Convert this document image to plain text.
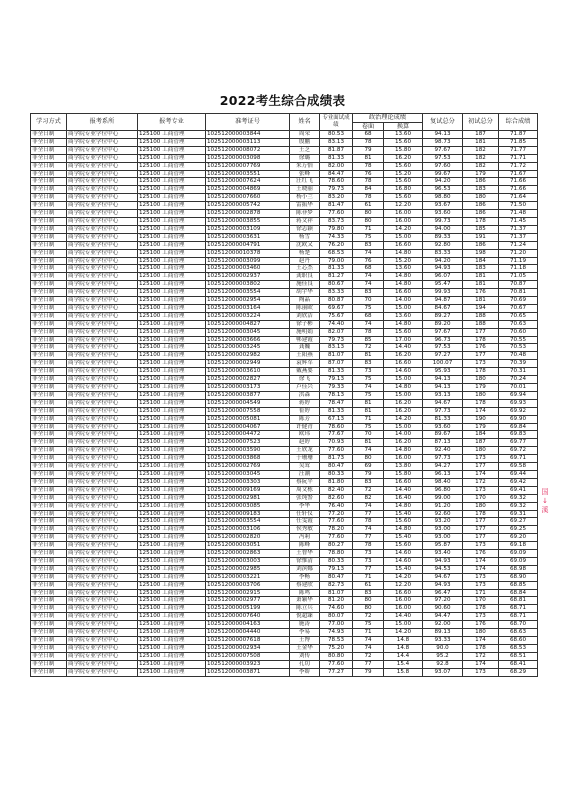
2022考生综合成绩表
学习方式	报考系所	报考专业	准考证号	姓名	专业面试成绩	政治理论成绩		复试总分	初试总分	综合成绩
						卷面	换算			
非全日制	商学院专业学位中心	125100 工商管理	102512000003844	周荣	80.53	68	13.60	94.13	187	71.87
非全日制	商学院专业学位中心	125100 工商管理	102512000003113	殷鹏	83.13	78	15.60	98.73	181	71.85
非全日制	商学院专业学位中心	125100 工商管理	102512000008072	王芝	81.87	79	15.80	97.67	182	71.77
非全日制	商学院专业学位中心	125100 工商管理	102512000003098	徐璐	81.33	81	16.20	97.53	182	71.71
非全日制	商学院专业学位中心	125100 工商管理	102512000007769	朱万怡	82.00	78	15.60	97.60	182	71.72
非全日制	商学院专业学位中心	125100 工商管理	102512000003551	张峰	84.47	76	15.20	99.67	179	71.67
非全日制	商学院专业学位中心	125100 工商管理	102512000007624	汪红飞	78.60	78	15.60	94.20	186	71.66
非全日制	商学院专业学位中心	125100 工商管理	102512000004869	王晓丽	79.73	84	16.80	96.53	183	71.66
非全日制	商学院专业学位中心	125100 工商管理	102512000007660	杨小兰	83.20	78	15.60	98.80	180	71.64
非全日制	商学院专业学位中心	125100 工商管理	102512000005742	雷振华	81.47	61	12.20	93.67	186	71.50
非全日制	商学院专业学位中心	125100 工商管理	102512000002878	陈菲梦	77.60	80	16.00	93.60	186	71.48
非全日制	商学院专业学位中心	125100 工商管理	102512000003855	蒋文祥	83.73	80	16.00	99.73	178	71.45
非全日制	商学院专业学位中心	125100 工商管理	102512000003109	徐志颖	79.80	71	14.20	94.00	185	71.37
非全日制	商学院专业学位中心	125100 工商管理	102512000003631	杨雪	74.33	75	15.00	89.33	191	71.37
非全日制	商学院专业学位中心	125100 工商管理	102512000004791	沈欧又	76.20	83	16.60	92.80	186	71.24
非全日制	商学院专业学位中心	125100 工商管理	102512000010378	杨楚	68.53	74	14.80	83.33	198	71.20
非全日制	商学院专业学位中心	125100 工商管理	102512000003099	赵丹	79.00	76	15.20	94.20	184	71.19
非全日制	商学院专业学位中心	125100 工商管理	102512000003460	王芯杰	81.33	68	13.60	94.93	183	71.18
非全日制	商学院专业学位中心	125100 工商管理	102512000002937	龚职良	81.27	74	14.80	96.07	181	71.05
非全日制	商学院专业学位中心	125100 工商管理	102512000003802	施佳良	80.67	74	14.80	95.47	181	70.87
非全日制	商学院专业学位中心	125100 工商管理	102512000003554	胡宇华	83.33	83	16.60	99.93	176	70.81
非全日制	商学院专业学位中心	125100 工商管理	102512000002954	陶晶	80.87	70	14.00	94.87	181	70.69
非全日制	商学院专业学位中心	125100 工商管理	102512000003164	陈丽欧	69.67	75	15.00	84.67	194	70.67
非全日制	商学院专业学位中心	125100 工商管理	102512000003224	刘欣洁	75.67	68	13.60	89.27	188	70.65
非全日制	商学院专业学位中心	125100 工商管理	102512000004827	徐子彬	74.40	74	14.80	89.20	188	70.63
非全日制	商学院专业学位中心	125100 工商管理	102512000003045	施明娟	82.07	78	15.60	97.67	177	70.60
非全日制	商学院专业学位中心	125100 工商管理	102512000003666	郸建霞	79.73	85	17.00	96.73	178	70.55
非全日制	商学院专业学位中心	125100 工商管理	102512000003245	龚巍	83.13	72	14.40	97.53	176	70.53
非全日制	商学院专业学位中心	125100 工商管理	102512000002982	王阳燕	81.07	81	16.20	97.27	177	70.48
非全日制	商学院专业学位中心	125100 工商管理	102512000002949	袁辉军	87.07	83	16.60	100.07	173	70.39
非全日制	商学院专业学位中心	125100 工商管理	102512000003610	戴燕要	81.33	73	14.60	95.93	178	70.31
非全日制	商学院专业学位中心	125100 工商管理	102512000002827	徐飞	79.13	75	15.00	94.13	180	70.24
非全日制	商学院专业学位中心	125100 工商管理	102512000003173	卢佳兴	79.33	74	14.80	94.13	179	70.01
非全日制	商学院专业学位中心	125100 工商管理	102512000003877	洪森	78.13	75	15.00	93.13	180	69.94
非全日制	商学院专业学位中心	125100 工商管理	102512000004549	蒋婷	78.47	81	16.20	94.67	178	69.93
非全日制	商学院专业学位中心	125100 工商管理	102512000007558	崔婷	81.33	81	16.20	97.73	174	69.92
非全日制	商学院专业学位中心	125100 工商管理	102512000005081	陈芳	67.13	71	14.20	81.33	190	69.90
非全日制	商学院专业学位中心	125100 工商管理	102512000004067	许健青	78.60	75	15.00	93.60	179	69.84
非全日制	商学院专业学位中心	125100 工商管理	102512000004472	欧玮	77.67	70	14.00	89.67	184	69.83
非全日制	商学院专业学位中心	125100 工商管理	102512000007523	赵婷	70.93	81	16.20	87.13	187	69.77
非全日制	商学院专业学位中心	125100 工商管理	102512000003590	王欣龙	77.60	74	14.80	92.40	180	69.72
非全日制	商学院专业学位中心	125100 工商管理	102512000003868	于珊珊	81.73	80	16.00	97.73	173	69.71
非全日制	商学院专业学位中心	125100 工商管理	102512000002769	吴耸	80.47	69	13.80	94.27	177	69.58
非全日制	商学院专业学位中心	125100 工商管理	102512000003045	汪潮	80.33	79	15.80	96.13	174	69.44
非全日制	商学院专业学位中心	125100 工商管理	102512000003303	蔡阮平	81.80	83	16.60	98.40	172	69.42
非全日制	商学院专业学位中心	125100 工商管理	102512000009169	周文栋	82.40	72	14.40	96.80	173	69.41
非全日制	商学院专业学位中心	125100 工商管理	102512000002981	张纯警	82.60	82	16.40	99.00	170	69.32
非全日制	商学院专业学位中心	125100 工商管理	102512000003085	李华	76.40	74	14.80	91.20	180	69.32
非全日制	商学院专业学位中心	125100 工商管理	102512000009183	任轩仪	77.20	77	15.40	92.60	178	69.31
非全日制	商学院专业学位中心	125100 工商管理	102512000003554	任雯霞	77.60	78	15.60	93.20	177	69.27
非全日制	商学院专业学位中心	125100 工商管理	102512000003106	侯秀敏	78.20	74	14.80	93.00	177	69.25
非全日制	商学院专业学位中心	125100 工商管理	102512000002820	冯莉	77.60	77	15.40	93.00	177	69.20
非全日制	商学院专业学位中心	125100 工商管理	102512000003051	陈峰	80.27	78	15.60	95.87	173	69.18
非全日制	商学院专业学位中心	125100 工商管理	102512000002863	王智华	78.80	73	14.60	93.40	176	69.09
非全日制	商学院专业学位中心	125100 工商管理	102512000003003	徐惟清	80.33	73	14.60	94.93	174	69.09
非全日制	商学院专业学位中心	125100 工商管理	102512000002985	刘滨娜	79.13	77	15.40	94.53	174	68.98
非全日制	商学院专业学位中心	125100 工商管理	102512000003221	李畅	80.47	71	14.20	94.67	173	68.90
非全日制	商学院专业学位中心	125100 工商管理	102512000003706	蔡建欣	82.73	61	12.20	94.93	173	68.85
非全日制	商学院专业学位中心	125100 工商管理	102512000002915	陈鸣	81.07	83	16.60	96.47	171	68.84
非全日制	商学院专业学位中心	125100 工商管理	102512000002977	萧颖华	81.20	80	16.00	97.20	170	68.81
非全日制	商学院专业学位中心	125100 工商管理	102512000005199	陈立兵	74.60	80	16.00	90.60	178	68.71
非全日制	商学院专业学位中心	125100 工商管理	102512000007640	倪超臻	80.07	72	14.40	94.47	173	68.71
非全日制	商学院专业学位中心	125100 工商管理	102512000004163	施涛	77.00	75	15.00	92.00	176	68.70
非全日制	商学院专业学位中心	125100 工商管理	102512000004440	李易	74.93	71	14.20	89.13	180	68.63
非全日制	商学院专业学位中心	125100 工商管理	102512000007618	王博	78.53	74	14.8	93.33	174	68.60
非全日制	商学院专业学位中心	125100 工商管理	102512000002934	王金华	75.20	74	14.8	90.0	178	68.53
非全日制	商学院专业学位中心	125100 工商管理	102512000007508	刘传	80.80	72	14.4	95.2	172	68.51
非全日制	商学院专业学位中心	125100 工商管理	102512000003923	孔切	77.60	77	15.4	92.8	174	68.41
非全日制	商学院专业学位中心	125100 工商管理	102512000003871	李娇	77.27	79	15.8	93.07	173	68.29
国
↓
溪
